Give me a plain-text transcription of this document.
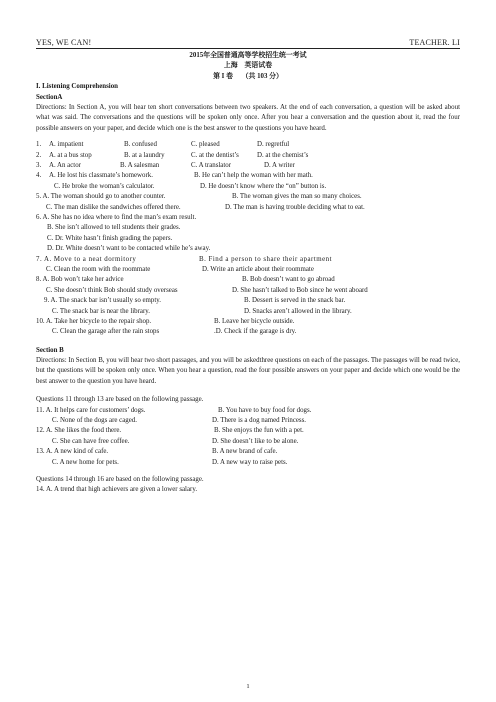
YES, WE CAN!	TEACHER. LI
2015年全国普通高等学校招生统一考试
上海    英语试卷
第 I 卷     （共 103 分）
I. Listening Comprehension
SectionA
Directions: In Section A, you will hear ten short conversations between two speakers. At the end of each conversation, a question will be asked about what was said. The conversations and the questions will be spoken only once. After you hear a conversation and the question about it, read the four possible answers on your paper, and decide which one is the best answer to the questions you have heard.
1. A. impatient	B. confused	C. pleased	D. regretful
2. A. at a bus stop	B. at a laundry	C. at the dentist’s	D. at the chemist’s
3. A. An actor	B. A salesman	C. A translator	D. A writer
4. A. He lost his classmate’s homework.	B. He can’t help the woman with her math.
C. He broke the woman’s calculator.	D. He doesn’t know where the “on” button is.
5. A. The woman should go to another counter.	B. The woman gives the man so many choices.
C. The man dislike the sandwiches offered there.	D. The man is having trouble deciding what to eat.
6. A. She has no idea where to find the man’s exam result.
B. She isn’t allowed to tell students their grades.
C. Dr. White hasn’t finish grading the papers.
D. Dr. White doesn’t want to be contacted while he’s away.
7. A. Move to a neat dormitory	B. Find a person to share their apartment
C. Clean the room with the roommate	D. Write an article about their roommate
8. A. Bob won’t take her advice	B. Bob doesn’t want to go abroad
C. She doesn’t think Bob should study overseas	D. She hasn’t talked to Bob since he went aboard
9. A. The snack bar isn’t usually so empty.	B. Dessert is served in the snack bar.
C. The snack bar is near the library.	D. Snacks aren’t allowed in the library.
10. A. Take her bicycle to the repair shop.	B. Leave her bicycle outside.
C. Clean the garage after the rain stops	.D. Check if the garage is dry.
Section B
Directions: In Section B, you will hear two short passages, and you will be askedthree questions on each of the passages. The passages will be read twice, but the questions will be spoken only once. When you hear a question, read the four possible answers on your paper and decide which one would be the best answer to the question you have heard.
Questions 11 through 13 are based on the following passage.
11. A. It helps care for customers’ dogs.	B. You have to buy food for dogs.
C. None of the dogs are caged.	D. There is a dog named Princess.
12. A. She likes the food there.	B. She enjoys the fun with a pet.
C. She can have free coffee.	D. She doesn’t like to be alone.
13. A. A new kind of cafe.	B. A new brand of cafe.
C. A new home for pets.	D. A new way to raise pets.
Questions 14 through 16 are based on the following passage.
14. A. A trend that high achievers are given a lower salary.
1
